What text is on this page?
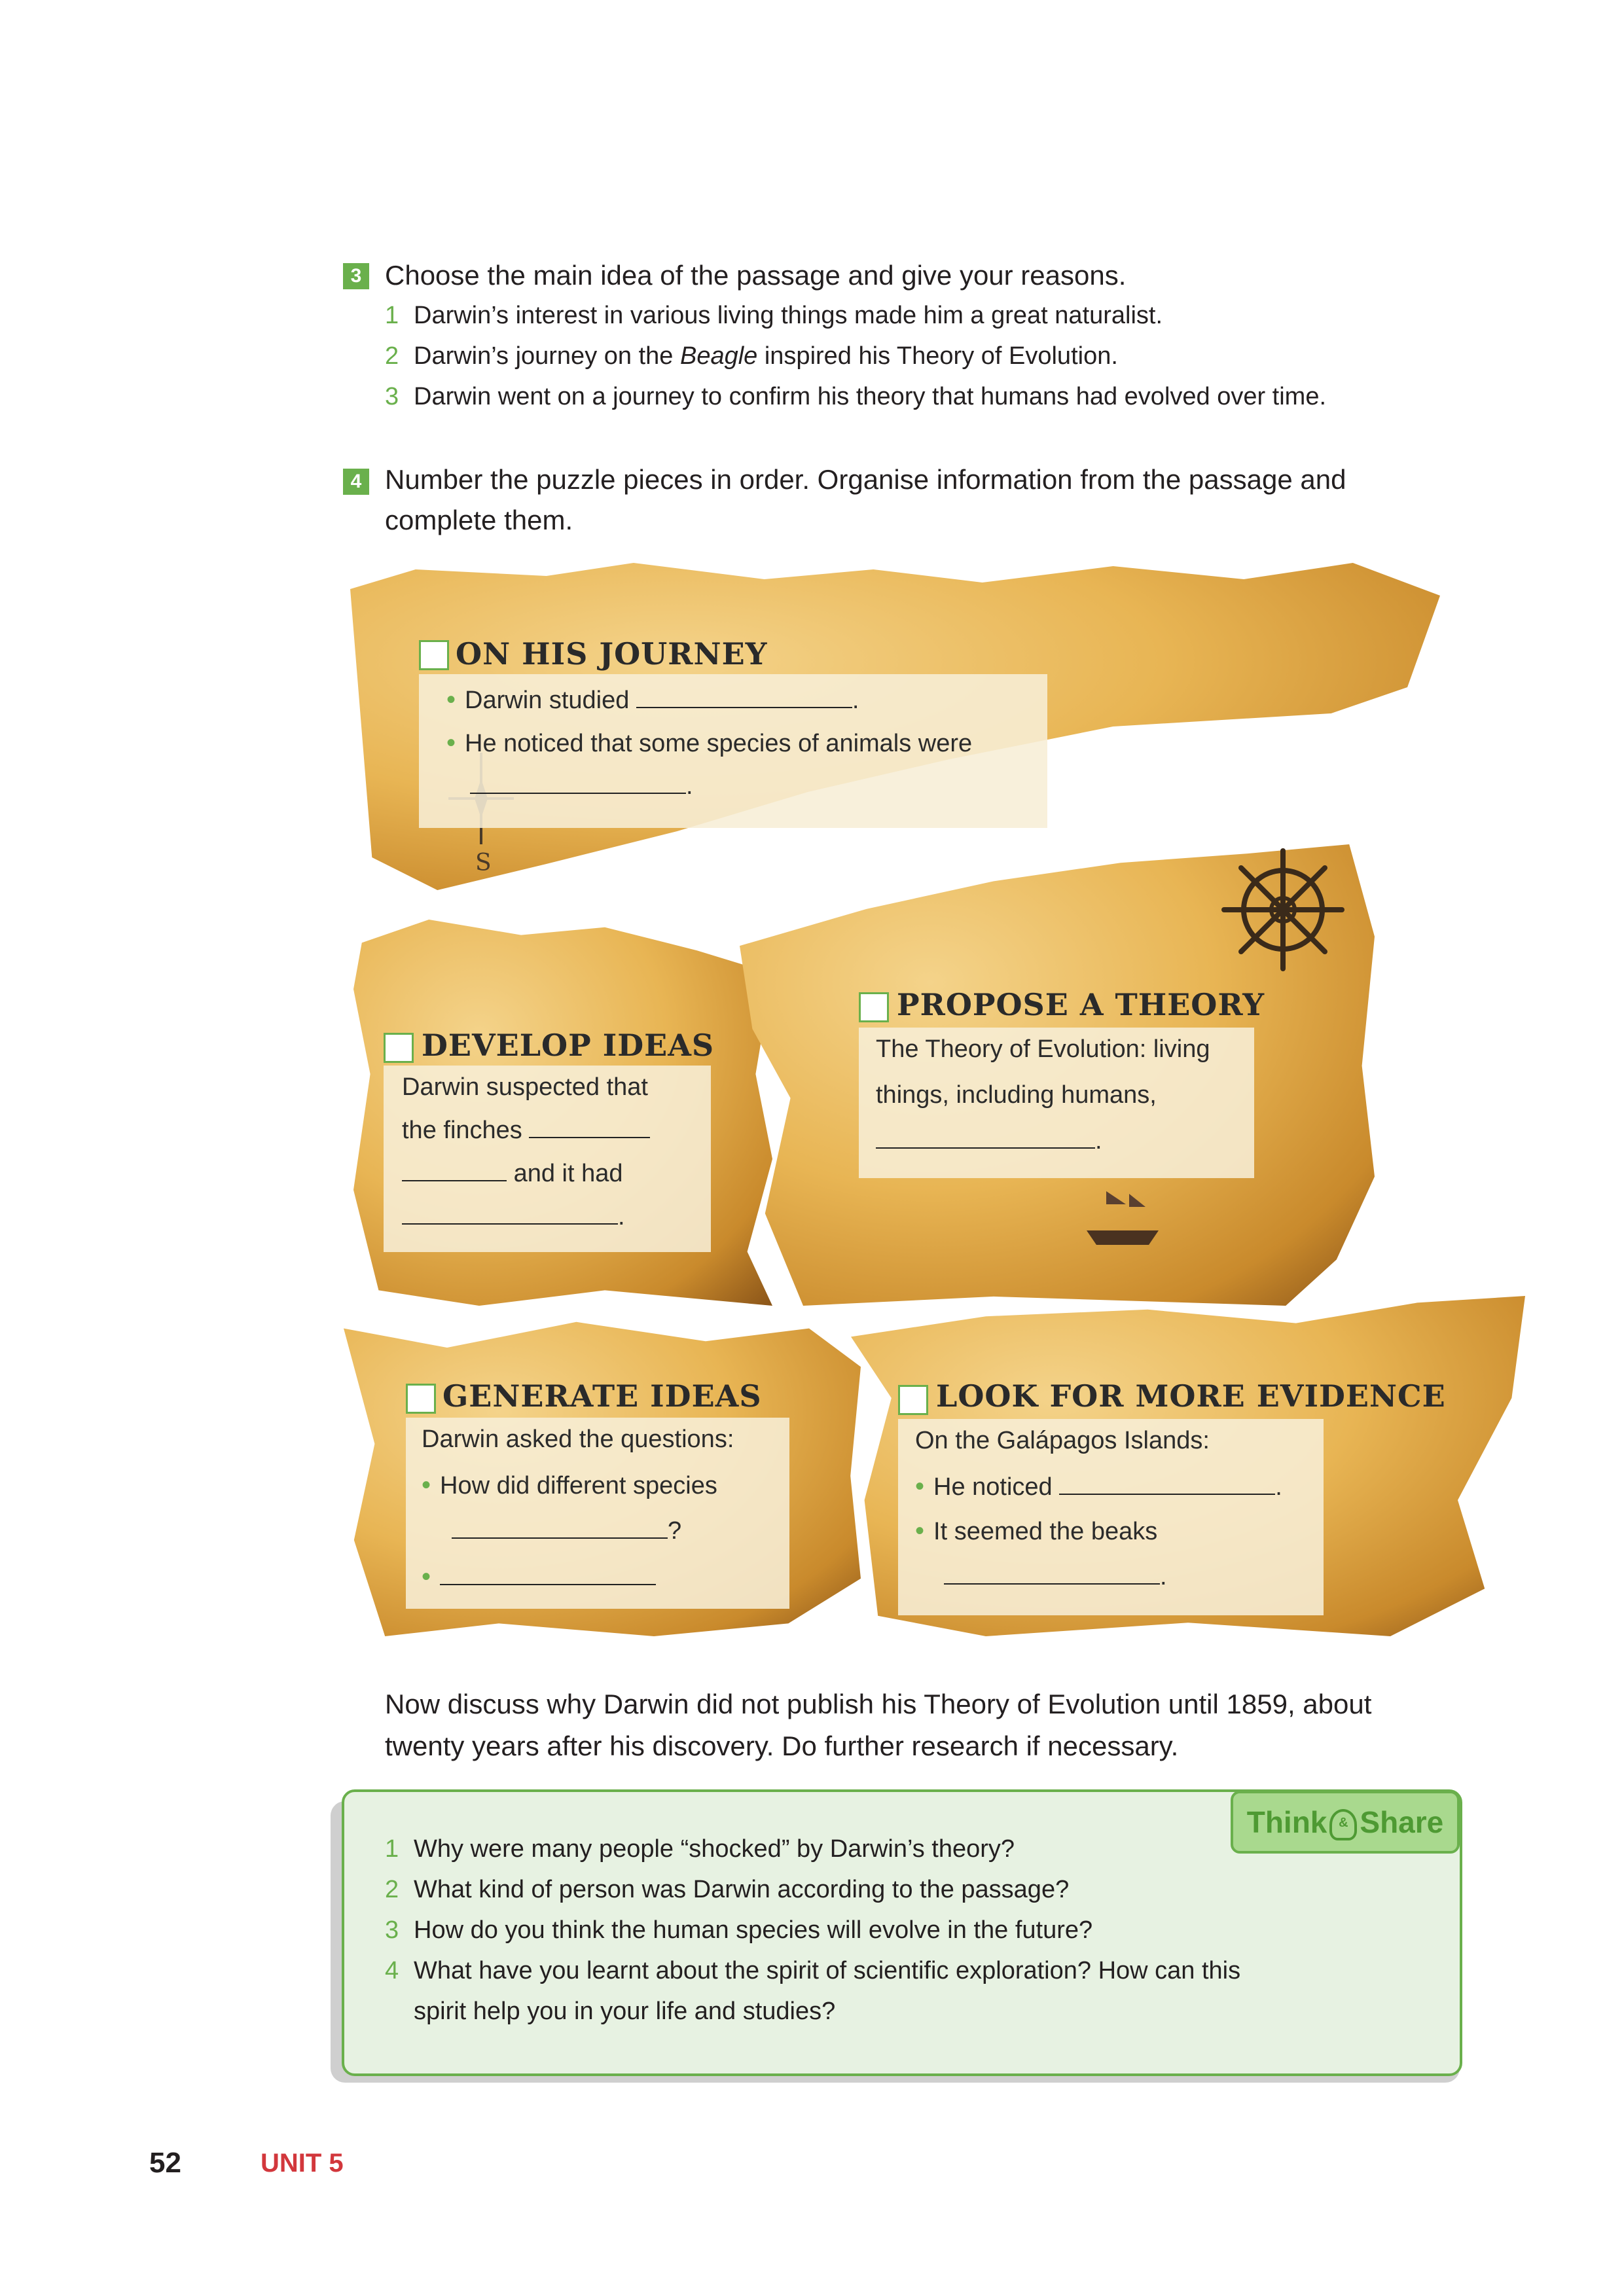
3 Choose the main idea of the passage and give your reasons.
1 Darwin’s interest in various living things made him a great naturalist.
2 Darwin’s journey on the Beagle inspired his Theory of Evolution.
3 Darwin went on a journey to confirm his theory that humans had evolved over time.
4 Number the puzzle pieces in order. Organise information from the passage and
complete them.
S
ON HIS JOURNEY
• Darwin studied	.
• He noticed that some species of animals were
.
DEVELOP IDEAS
Darwin suspected that
the finches
and it had
.
PROPOSE A THEORY
The Theory of Evolution: living
things, including humans,
.
GENERATE IDEAS
Darwin asked the questions:
• How did different species
?
•
LOOK FOR MORE EVIDENCE
On the Galápagos Islands:
• He noticed	.
• It seemed the beaks
.
Now discuss why Darwin did not publish his Theory of Evolution until 1859, about
twenty years after his discovery. Do further research if necessary.
Think & Share
1 Why were many people “shocked” by Darwin’s theory?
2 What kind of person was Darwin according to the passage?
3 How do you think the human species will evolve in the future?
4 What have you learnt about the spirit of scientific exploration? How can this
spirit help you in your life and studies?
52	UNIT 5
